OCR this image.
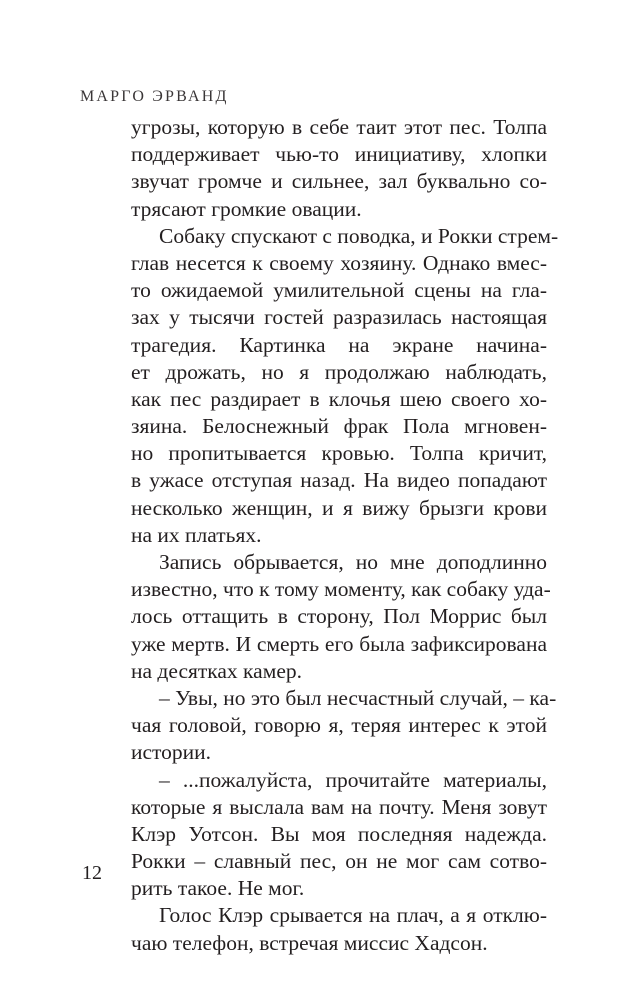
МАРГО ЭРВАНД
угрозы, которую в себе таит этот пес. Толпа
поддерживает чью-то инициативу, хлопки
звучат громче и сильнее, зал буквально со-
трясают громкие овации.
Собаку спускают с поводка, и Рокки стрем-
глав несется к своему хозяину. Однако вмес-
то ожидаемой умилительной сцены на гла-
зах у тысячи гостей разразилась настоящая
трагедия. Картинка на экране начина-
ет дрожать, но я продолжаю наблюдать,
как пес раздирает в клочья шею своего хо-
зяина. Белоснежный фрак Пола мгновен-
но пропитывается кровью. Толпа кричит,
в ужасе отступая назад. На видео попадают
несколько женщин, и я вижу брызги крови
на их платьях.
Запись обрывается, но мне доподлинно
известно, что к тому моменту, как собаку уда-
лось оттащить в сторону, Пол Моррис был
уже мертв. И смерть его была зафиксирована
на десятках камер.
– Увы, но это был несчастный случай, – ка-
чая головой, говорю я, теряя интерес к этой
истории.
– ...пожалуйста, прочитайте материалы,
которые я выслала вам на почту. Меня зовут
Клэр Уотсон. Вы моя последняя надежда.
Рокки – славный пес, он не мог сам сотво-
рить такое. Не мог.
Голос Клэр срывается на плач, а я отклю-
чаю телефон, встречая миссис Хадсон.
12
